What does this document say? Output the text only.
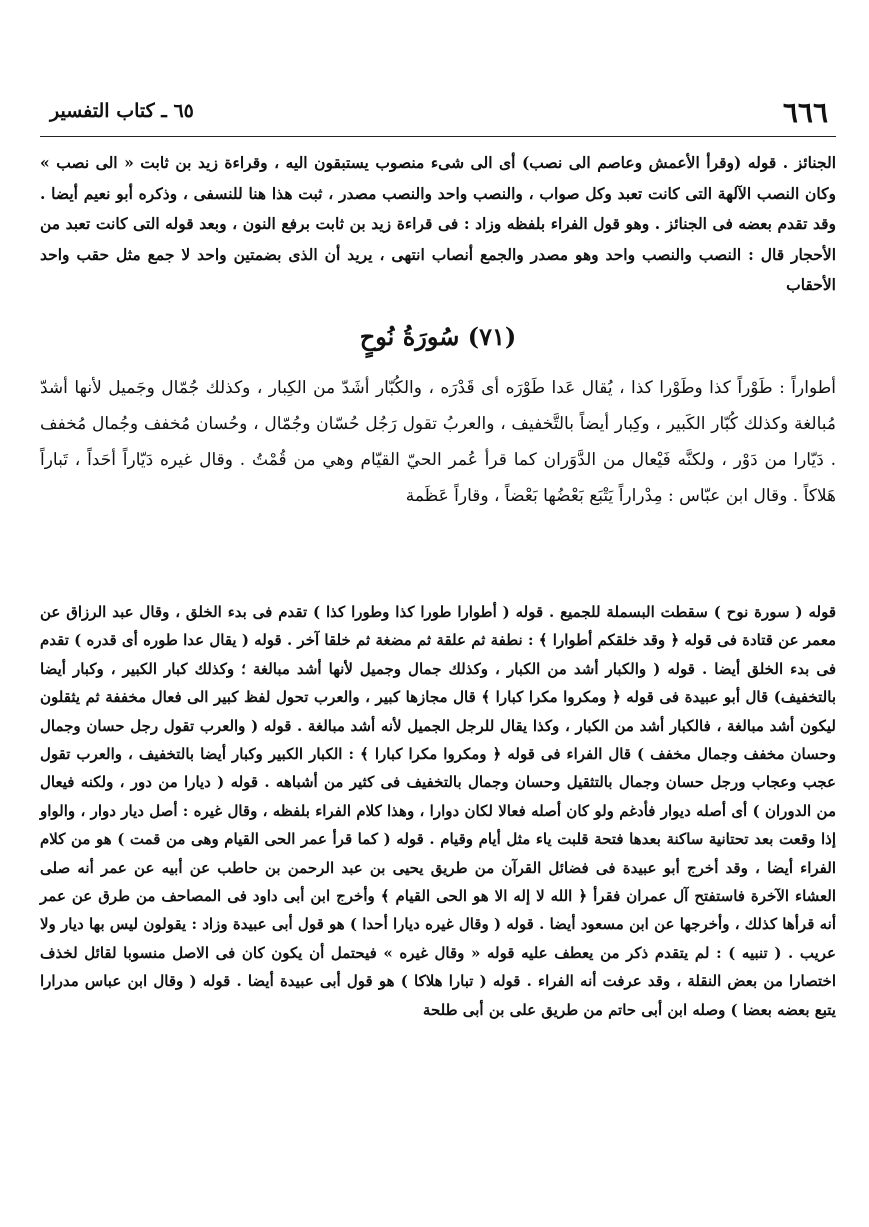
٦٦٦
٦٥ ـ كتاب التفسير

الجنائز . قوله (وقرأ الأعمش وعاصم الى نصب) أى الى شىء منصوب يستبقون اليه ، وقراءة زيد بن ثابت « الى نصب » وكان النصب الآلهة التى كانت تعبد وكل صواب ، والنصب واحد والنصب مصدر ، ثبت هذا هنا للنسفى ، وذكره أبو نعيم أيضا . وقد تقدم بعضه فى الجنائز . وهو قول الفراء بلفظه وزاد : فى قراءة زيد بن ثابت برفع النون ، وبعد قوله التى كانت تعبد من الأحجار قال : النصب والنصب واحد وهو مصدر والجمع أنصاب انتهى ، يريد أن الذى بضمتين واحد لا جمع مثل حقب واحد الأحقاب

(٧١) سُورَةُ نُوحٍ

أطواراً : طَوْراً كذا وطَوْرا كذا ، يُقال عَدا طَوْرَه أى قَدْرَه ، والكُبّار أشَدّ من الكِبار ، وكذلك جُمّال وجَميل لأنها أشدّ مُبالغة وكذلك كُبّار الكَبير ، وكِبار أيضاً بالتَّخفيف ، والعربُ تقول رَجُل حُسّان وجُمّال ، وحُسان مُخفف وجُمال مُخفف . دَيّارا من دَوْر ، ولكنَّه فَيْعال من الدَّوَران كما قرأ عُمر الحيّ القيّام وهي من قُمْتُ . وقال غيره دَيّاراً أحَداً ، تَباراً هَلاكاً . وقال ابن عبّاس : مِدْراراً يَتْبَع بَعْضُها بَعْضاً ، وقاراً عَظَمة

قوله ( سورة نوح ) سقطت البسملة للجميع . قوله ( أطوارا طورا كذا وطورا كذا ) تقدم فى بدء الخلق ، وقال عبد الرزاق عن معمر عن قتادة فى قوله ﴿ وقد خلقكم أطوارا ﴾ : نطفة ثم علقة ثم مضغة ثم خلقا آخر . قوله ( يقال عدا طوره أى قدره ) تقدم فى بدء الخلق أيضا . قوله ( والكبار أشد من الكبار ، وكذلك جمال وجميل لأنها أشد مبالغة ؛ وكذلك كبار الكبير ، وكبار أيضا بالتخفيف) قال أبو عبيدة فى قوله ﴿ ومكروا مكرا كبارا ﴾ قال مجازها كبير ، والعرب تحول لفظ كبير الى فعال مخففة ثم يثقلون ليكون أشد مبالغة ، فالكبار أشد من الكبار ، وكذا يقال للرجل الجميل لأنه أشد مبالغة . قوله ( والعرب تقول رجل حسان وجمال وحسان مخفف وجمال مخفف ) قال الفراء فى قوله ﴿ ومكروا مكرا كبارا ﴾ : الكبار الكبير وكبار أيضا بالتخفيف ، والعرب تقول عجب وعجاب ورجل حسان وجمال بالتثقيل وحسان وجمال بالتخفيف فى كثير من أشباهه . قوله ( ديارا من دور ، ولكنه فيعال من الدوران ) أى أصله ديوار فأدغم ولو كان أصله فعالا لكان دوارا ، وهذا كلام الفراء بلفظه ، وقال غيره : أصل ديار دوار ، والواو إذا وقعت بعد تحتانية ساكنة بعدها فتحة قلبت ياء مثل أيام وقيام . قوله ( كما قرأ عمر الحى القيام وهى من قمت ) هو من كلام الفراء أيضا ، وقد أخرج أبو عبيدة فى فضائل القرآن من طريق يحيى بن عبد الرحمن بن حاطب عن أبيه عن عمر أنه صلى العشاء الآخرة فاستفتح آل عمران فقرأ ﴿ الله لا إله الا هو الحى القيام ﴾ وأخرج ابن أبى داود فى المصاحف من طرق عن عمر أنه قرأها كذلك ، وأخرجها عن ابن مسعود أيضا . قوله ( وقال غيره ديارا أحدا ) هو قول أبى عبيدة وزاد : يقولون ليس بها ديار ولا عريب . ( تنبيه ) : لم يتقدم ذكر من يعطف عليه قوله « وقال غيره » فيحتمل أن يكون كان فى الاصل منسوبا لقائل لخذف اختصارا من بعض النقلة ، وقد عرفت أنه الفراء . قوله ( تبارا هلاكا ) هو قول أبى عبيدة أيضا . قوله ( وقال ابن عباس مدرارا يتبع بعضه بعضا ) وصله ابن أبى حاتم من طريق على بن أبى طلحة
